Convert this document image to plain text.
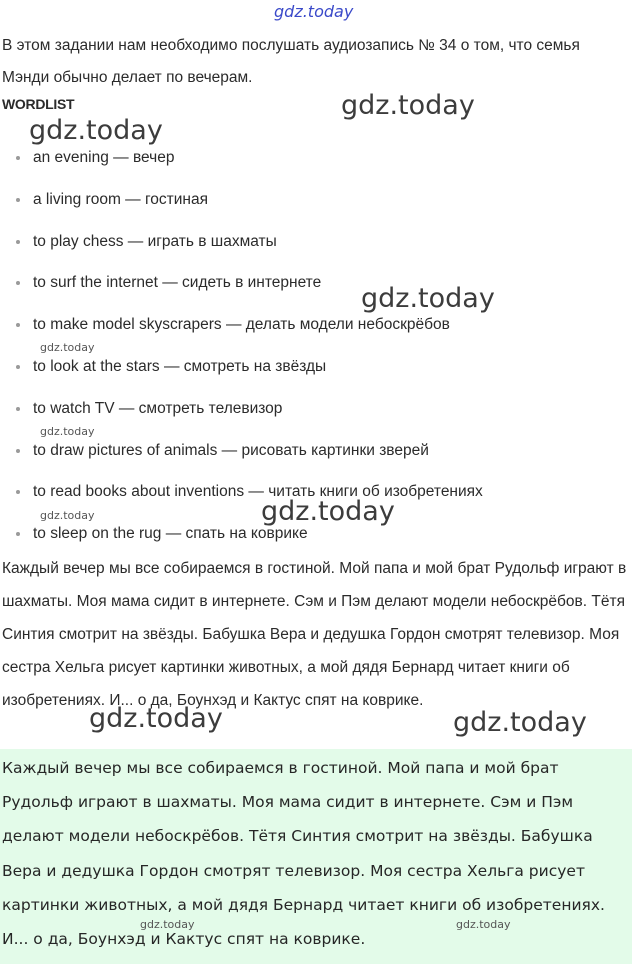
В этом задании нам необходимо послушать аудиозапись № 34 о том, что семья Мэнди обычно делает по вечерам.

WORDLIST

an evening — вечер
a living room — гостиная
to play chess — играть в шахматы
to surf the internet — сидеть в интернете
to make model skyscrapers — делать модели небоскрёбов
to look at the stars — смотреть на звёзды
to watch TV — смотреть телевизор
to draw pictures of animals — рисовать картинки зверей
to read books about inventions — читать книги об изобретениях
to sleep on the rug — спать на коврике

Каждый вечер мы все собираемся в гостиной. Мой папа и мой брат Рудольф играют в шахматы. Моя мама сидит в интернете. Сэм и Пэм делают модели небоскрёбов. Тётя Синтия смотрит на звёзды. Бабушка Вера и дедушка Гордон смотрят телевизор. Моя сестра Хельга рисует картинки животных, а мой дядя Бернард читает книги об изобретениях. И... о да, Боунхэд и Кактус спят на коврике.

Каждый вечер мы все собираемся в гостиной. Мой папа и мой брат Рудольф играют в шахматы. Моя мама сидит в интернете. Сэм и Пэм делают модели небоскрёбов. Тётя Синтия смотрит на звёзды. Бабушка Вера и дедушка Гордон смотрят телевизор. Моя сестра Хельга рисует картинки животных, а мой дядя Бернард читает книги об изобретениях. И... о да, Боунхэд и Кактус спят на коврике.

gdz.today
gdz.today
gdz.today
gdz.today
gdz.today
gdz.today
gdz.today	gdz.today
gdz.today	gdz.today
gdz.today	gdz.today
